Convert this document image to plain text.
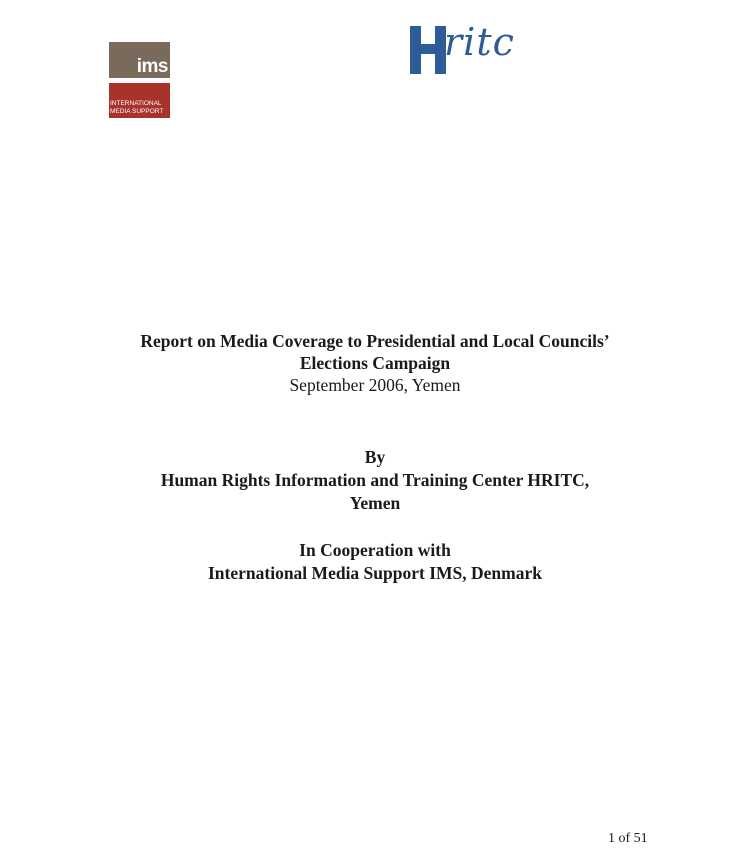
ims
INTERNATIONAL
MEDIA SUPPORT
ritc
Report on Media Coverage to Presidential and Local Councils’
Elections Campaign
September 2006, Yemen
By
Human Rights Information and Training Center HRITC,
Yemen
In Cooperation with
International Media Support IMS, Denmark
1 of 51
